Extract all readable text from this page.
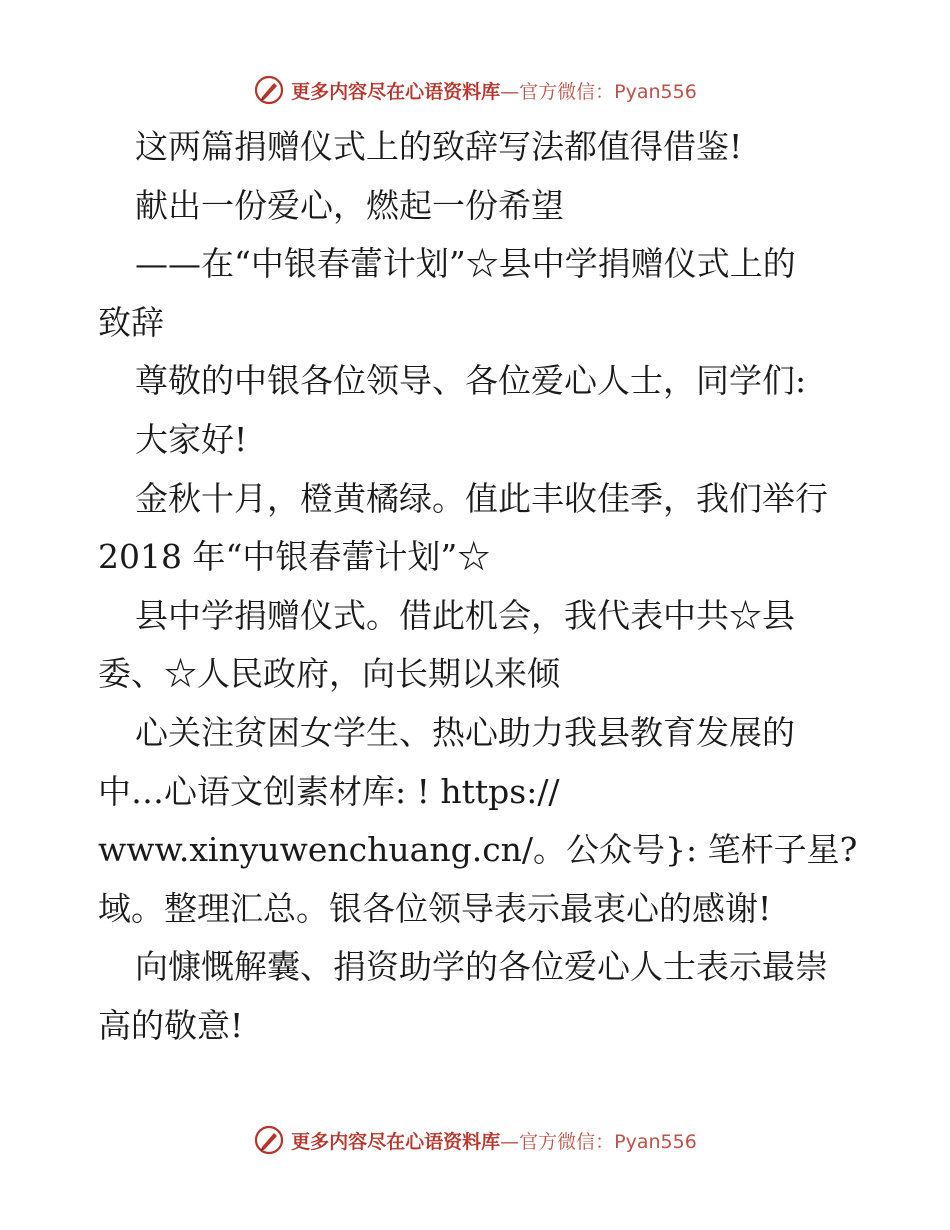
更多内容尽在心语资料库—官方微信：Pyan556
这两篇捐赠仪式上的致辞写法都值得借鉴!
献出一份爱心，燃起一份希望
——在“中银春蕾计划”☆县中学捐赠仪式上的
致辞
尊敬的中银各位领导、各位爱心人士，同学们:
大家好!
金秋十月，橙黄橘绿。值此丰收佳季，我们举行
2018 年“中银春蕾计划”☆
县中学捐赠仪式。借此机会，我代表中共☆县
委、☆人民政府，向长期以来倾
心关注贫困女学生、热心助力我县教育发展的
中…心语文创素材库: ! https://
www.xinyuwenchuang.cn/。公众号}: 笔杆子星?
域。整理汇总。银各位领导表示最衷心的感谢!
向慷慨解囊、捐资助学的各位爱心人士表示最崇
高的敬意!
更多内容尽在心语资料库—官方微信：Pyan556
